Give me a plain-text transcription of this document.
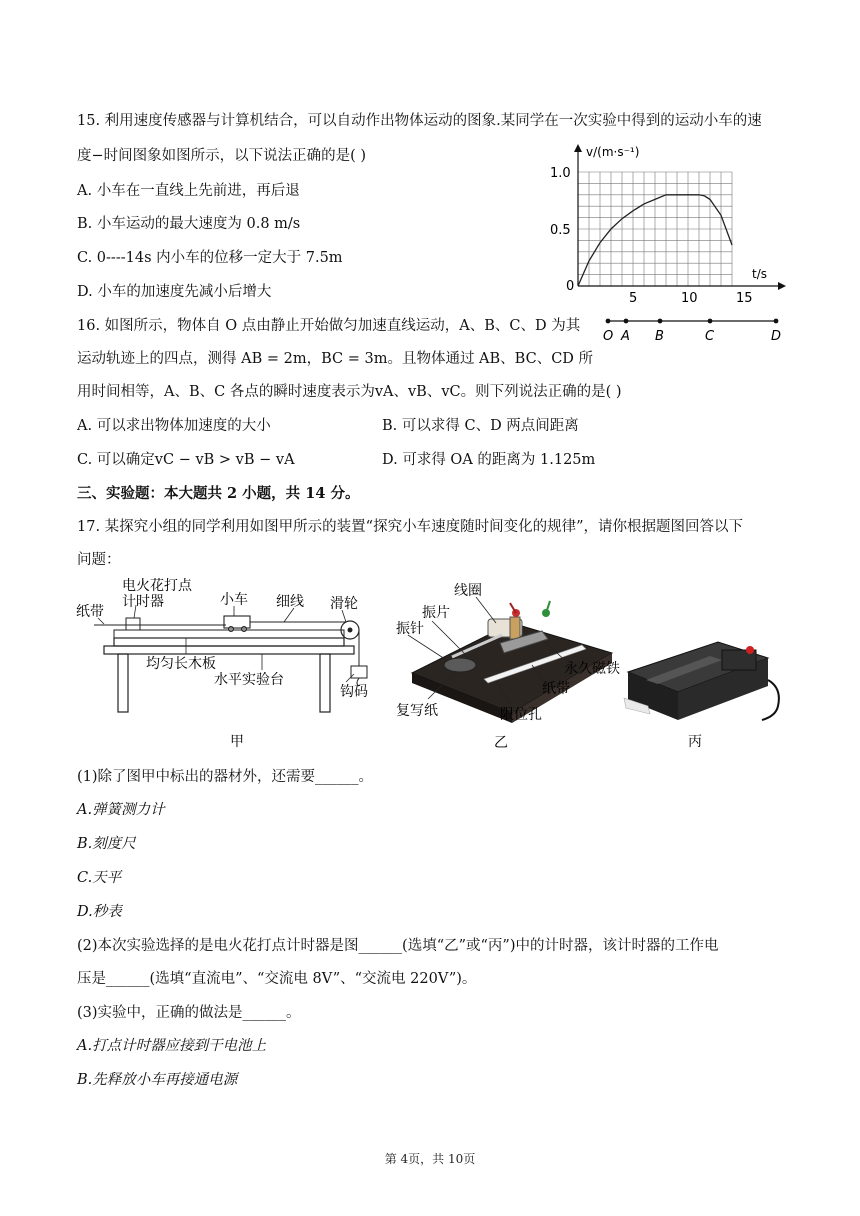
15. 利用速度传感器与计算机结合，可以自动作出物体运动的图象.某同学在一次实验中得到的运动小车的速
度−时间图象如图所示，以下说法正确的是( )
A. 小车在一直线上先前进，再后退
B. 小车运动的最大速度为 0.8 m/s
C. 0----14s 内小车的位移一定大于 7.5m
D. 小车的加速度先减小后增大
v/(m·s⁻¹)
t/s
0
5	10	15
0.5
1.0
16. 如图所示，物体自 O 点由静止开始做匀加速直线运动，A、B、C、D 为其
运动轨迹上的四点，测得 AB = 2m，BC = 3m。且物体通过 AB、BC、CD 所
用时间相等，A、B、C 各点的瞬时速度表示为vA、vB、vC。则下列说法正确的是( )
O A B	C	D
A. 可以求出物体加速度的大小	B. 可以求得 C、D 两点间距离
C. 可以确定vC − vB > vB − vA	D. 可求得 OA 的距离为 1.125m
三、实验题：本大题共 2 小题，共 14 分。
17. 某探究小组的同学利用如图甲所示的装置“探究小车速度随时间变化的规律”，请你根据题图回答以下
问题：
纸带
电火花打点
计时器	小车 细线 滑轮
均匀长木板
水平实验台
钩码
甲
线圈
振片
振针
永久磁铁
纸带
复写纸	限位孔
乙	丙
(1)除了图甲中标出的器材外，还需要______。
A.弹簧测力计
B.刻度尺
C.天平
D.秒表
(2)本次实验选择的是电火花打点计时器是图______(选填“乙”或“丙”)中的计时器，该计时器的工作电
压是______(选填“直流电”、“交流电 8V”、“交流电 220V”)。
(3)实验中，正确的做法是______。
A.打点计时器应接到干电池上
B.先释放小车再接通电源
第 4页，共 10页
